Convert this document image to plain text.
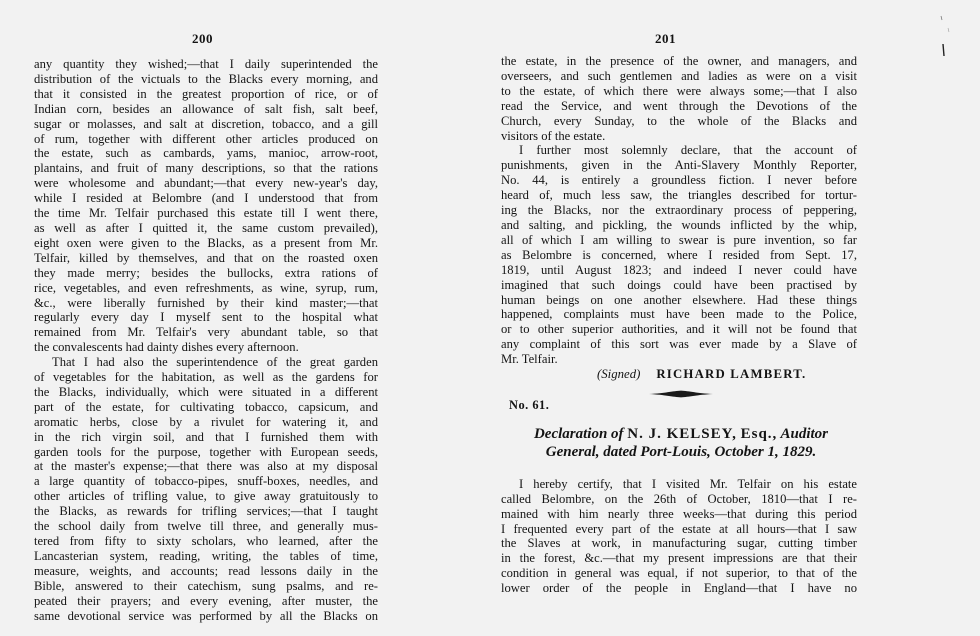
200

any quantity they wished;—that I daily superintended the

distribution of the victuals to the Blacks every morning, and

that it consisted in the greatest proportion of rice, or of

Indian corn, besides an allowance of salt fish, salt beef,

sugar or molasses, and salt at discretion, tobacco, and a gill

of rum, together with different other articles produced on

the estate, such as cambards, yams, manioc, arrow-root,

plantains, and fruit of many descriptions, so that the rations

were wholesome and abundant;—that every new-year's day,

while I resided at Belombre (and I understood that from

the time Mr. Telfair purchased this estate till I went there,

as well as after I quitted it, the same custom prevailed),

eight oxen were given to the Blacks, as a present from Mr.

Telfair, killed by themselves, and that on the roasted oxen

they made merry; besides the bullocks, extra rations of

rice, vegetables, and even refreshments, as wine, syrup, rum,

&c., were liberally furnished by their kind master;—that

regularly every day I myself sent to the hospital what

remained from Mr. Telfair's very abundant table, so that

the convalescents had dainty dishes every afternoon.

That I had also the superintendence of the great garden

of vegetables for the habitation, as well as the gardens for

the Blacks, individually, which were situated in a different

part of the estate, for cultivating tobacco, capsicum, and

aromatic herbs, close by a rivulet for watering it, and

in the rich virgin soil, and that I furnished them with

garden tools for the purpose, together with European seeds,

at the master's expense;—that there was also at my disposal

a large quantity of tobacco-pipes, snuff-boxes, needles, and

other articles of trifling value, to give away gratuitously to

the Blacks, as rewards for trifling services;—that I taught

the school daily from twelve till three, and generally mus-

tered from fifty to sixty scholars, who learned, after the

Lancasterian system, reading, writing, the tables of time,

measure, weights, and accounts; read lessons daily in the

Bible, answered to their catechism, sung psalms, and re-

peated their prayers; and every evening, after muster, the

same devotional service was performed by all the Blacks on

201

the estate, in the presence of the owner, and managers, and

overseers, and such gentlemen and ladies as were on a visit

to the estate, of which there were always some;—that I also

read the Service, and went through the Devotions of the

Church, every Sunday, to the whole of the Blacks and

visitors of the estate.

I further most solemnly declare, that the account of

punishments, given in the Anti-Slavery Monthly Reporter,

No. 44, is entirely a groundless fiction. I never before

heard of, much less saw, the triangles described for tortur-

ing the Blacks, nor the extraordinary process of peppering,

and salting, and pickling, the wounds inflicted by the whip,

all of which I am willing to swear is pure invention, so far

as Belombre is concerned, where I resided from Sept. 17,

1819, until August 1823; and indeed I never could have

imagined that such doings could have been practised by

human beings on one another elsewhere. Had these things

happened, complaints must have been made to the Police,

or to other superior authorities, and it will not be found that

any complaint of this sort was ever made by a Slave of

Mr. Telfair.

(Signed) RICHARD LAMBERT.

No. 61.

Declaration of N. J. KELSEY, Esq., Auditor
General, dated Port-Louis, October 1, 1829.

I hereby certify, that I visited Mr. Telfair on his estate

called Belombre, on the 26th of October, 1810—that I re-

mained with him nearly three weeks—that during this period

I frequented every part of the estate at all hours—that I saw

the Slaves at work, in manufacturing sugar, cutting timber

in the forest, &c.—that my present impressions are that their

condition in general was equal, if not superior, to that of the

lower order of the people in England—that I have no
